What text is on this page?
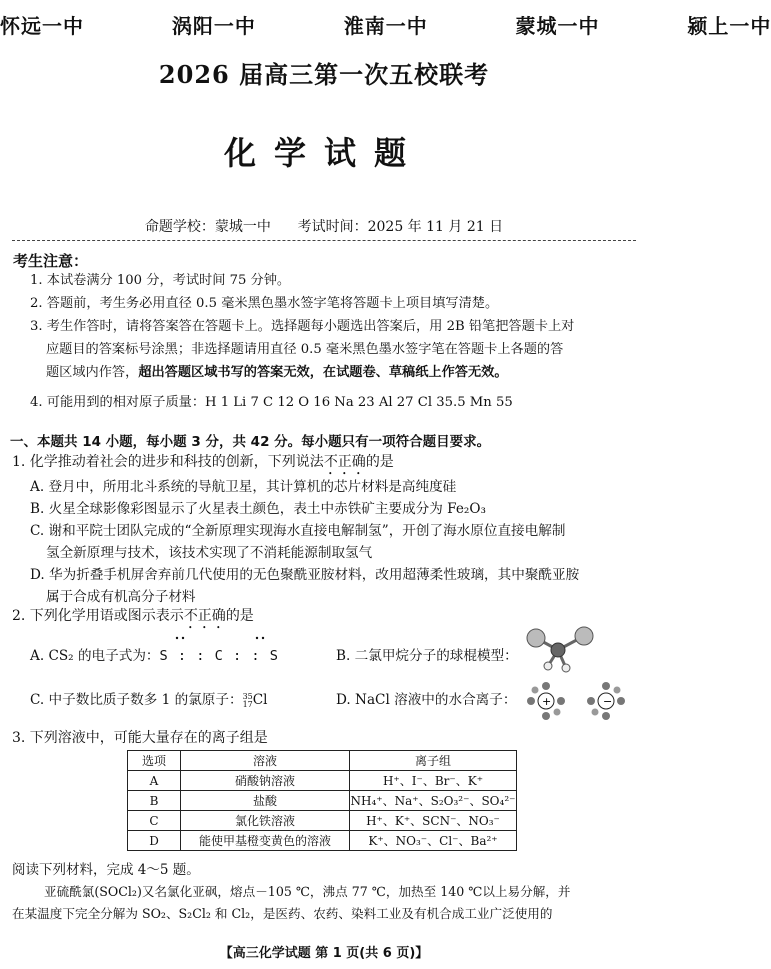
怀远一中    涡阳一中    淮南一中    蒙城一中    颍上一中
2026 届高三第一次五校联考
化学试题
命题学校：蒙城一中 考试时间：2025 年 11 月 21 日
考生注意：
1. 本试卷满分 100 分，考试时间 75 分钟。
2. 答题前，考生务必用直径 0.5 毫米黑色墨水签字笔将答题卡上项目填写清楚。
3. 考生作答时，请将答案答在答题卡上。选择题每小题选出答案后，用 2B 铅笔把答题卡上对
应题目的答案标号涂黑；非选择题请用直径 0.5 毫米黑色墨水签字笔在答题卡上各题的答
题区域内作答，超出答题区域书写的答案无效，在试题卷、草稿纸上作答无效。
4. 可能用到的相对原子质量：H 1 Li 7 C 12 O 16 Na 23 Al 27 Cl 35.5 Mn 55
一、本题共 14 小题，每小题 3 分，共 42 分。每小题只有一项符合题目要求。
1. 化学推动着社会的进步和科技的创新，下列说法不正确的是
A. 登月中，所用北斗系统的导航卫星，其计算机的芯片材料是高纯度硅
B. 火星全球影像彩图显示了火星表土颜色，表土中赤铁矿主要成分为 Fe₂O₃
C. 谢和平院士团队完成的“全新原理实现海水直接电解制氢”，开创了海水原位直接电解制
氢全新原理与技术，该技术实现了不消耗能源制取氢气
D. 华为折叠手机屏舍弃前几代使用的无色聚酰亚胺材料，改用超薄柔性玻璃，其中聚酰亚胺
属于合成有机高分子材料
2. 下列化学用语或图示表示不正确的是
A. CS₂ 的电子式为：S : : C : : S	B. 二氯甲烷分子的球棍模型：
C. 中子数比质子数多 1 的氯原子： 35
17 Cl	D. NaCl 溶液中的水合离子： +	−
3. 下列溶液中，可能大量存在的离子组是
选项	溶液	离子组
A	硝酸钠溶液	H⁺、I⁻、Br⁻、K⁺
B	盐酸	NH₄⁺、Na⁺、S₂O₃²⁻、SO₄²⁻
C	氯化铁溶液	H⁺、K⁺、SCN⁻、NO₃⁻
D	能使甲基橙变黄色的溶液	K⁺、NO₃⁻、Cl⁻、Ba²⁺
阅读下列材料，完成 4～5 题。
亚硫酰氯(SOCl₂)又名氯化亚砜，熔点－105 ℃，沸点 77 ℃，加热至 140 ℃以上易分解，并
在某温度下完全分解为 SO₂、S₂Cl₂ 和 Cl₂，是医药、农药、染料工业及有机合成工业广泛使用的
【高三化学试题 第 1 页(共 6 页)】
